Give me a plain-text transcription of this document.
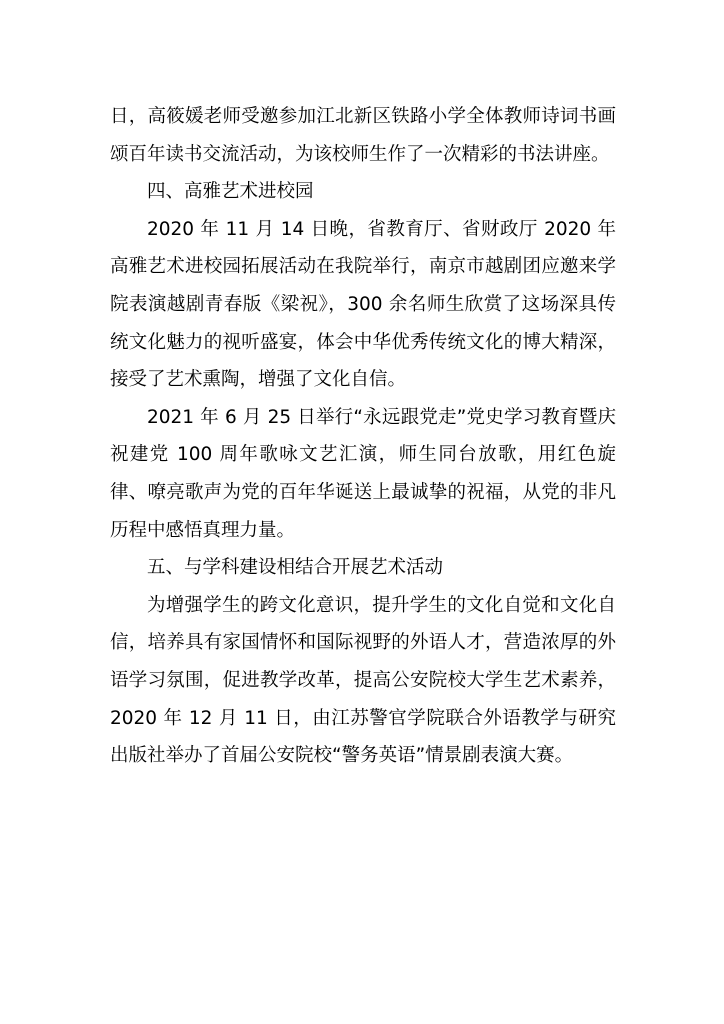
日，高筱媛老师受邀参加江北新区铁路小学全体教师诗词书画颂百年读书交流活动，为该校师生作了一次精彩的书法讲座。

四、高雅艺术进校园

2020 年 11 月 14 日晚，省教育厅、省财政厅 2020 年高雅艺术进校园拓展活动在我院举行，南京市越剧团应邀来学院表演越剧青春版《梁祝》，300 余名师生欣赏了这场深具传统文化魅力的视听盛宴，体会中华优秀传统文化的博大精深，接受了艺术熏陶，增强了文化自信。

2021 年 6 月 25 日举行“永远跟党走”党史学习教育暨庆祝建党 100 周年歌咏文艺汇演，师生同台放歌，用红色旋律、嘹亮歌声为党的百年华诞送上最诚挚的祝福，从党的非凡历程中感悟真理力量。

五、与学科建设相结合开展艺术活动

为增强学生的跨文化意识，提升学生的文化自觉和文化自信，培养具有家国情怀和国际视野的外语人才，营造浓厚的外语学习氛围，促进教学改革，提高公安院校大学生艺术素养，2020 年 12 月 11 日，由江苏警官学院联合外语教学与研究出版社举办了首届公安院校“警务英语”情景剧表演大赛。
